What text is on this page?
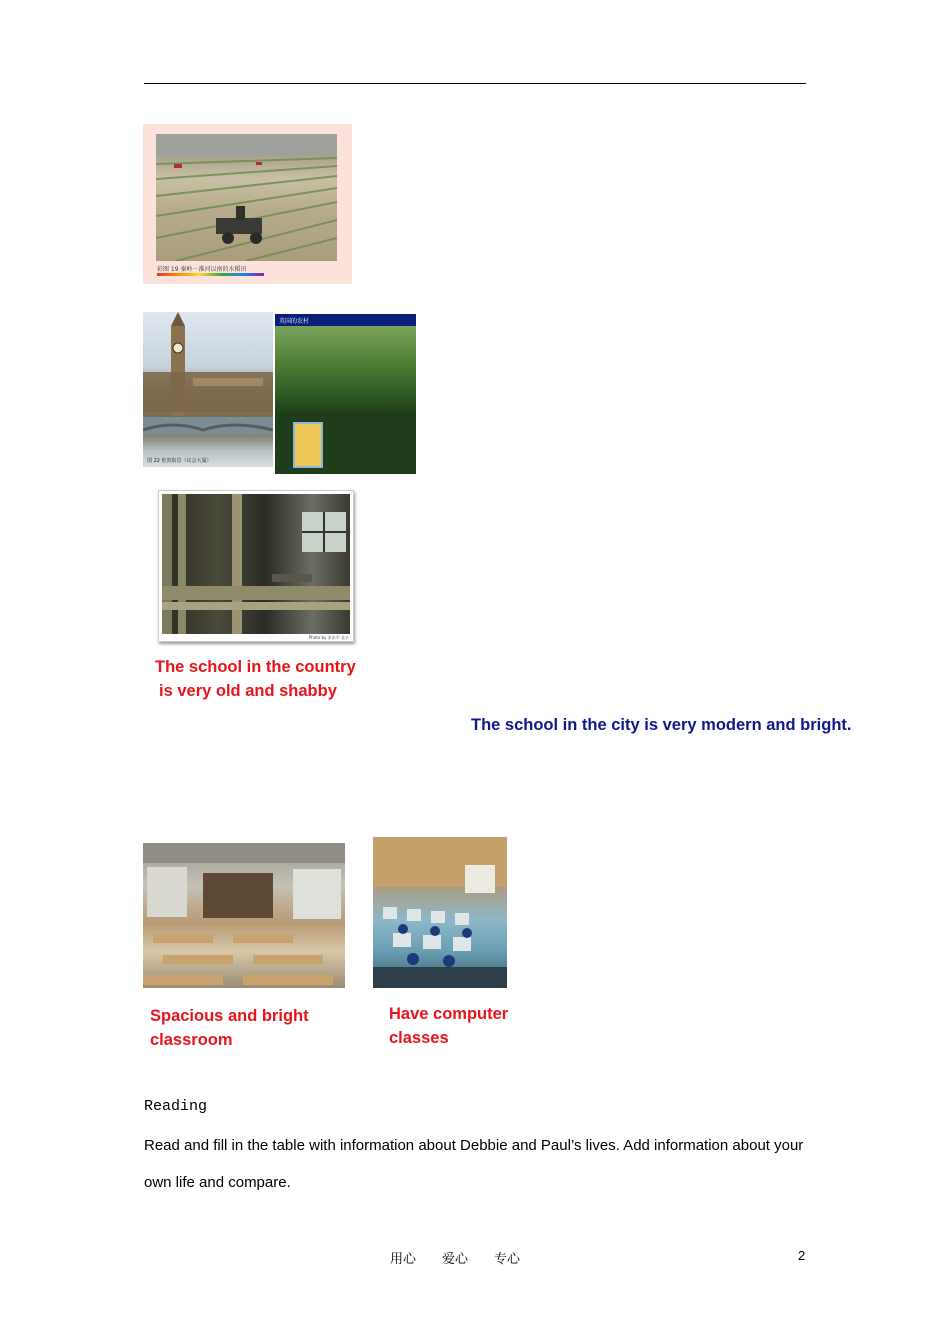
彩图 19 秦岭－淮河以南的水稻田
图 22 伦敦街景（议会大厦）
英国的农村
Photo by 张东平·北京
The school in the country
is very old and shabby
The school in the city is very modern and bright.
Spacious and bright
classroom
Have computer
classes
Reading
Read and fill in the table with information about Debbie and Paul’s lives. Add information about your own life and compare.
用心　　爱心　　专心	2
